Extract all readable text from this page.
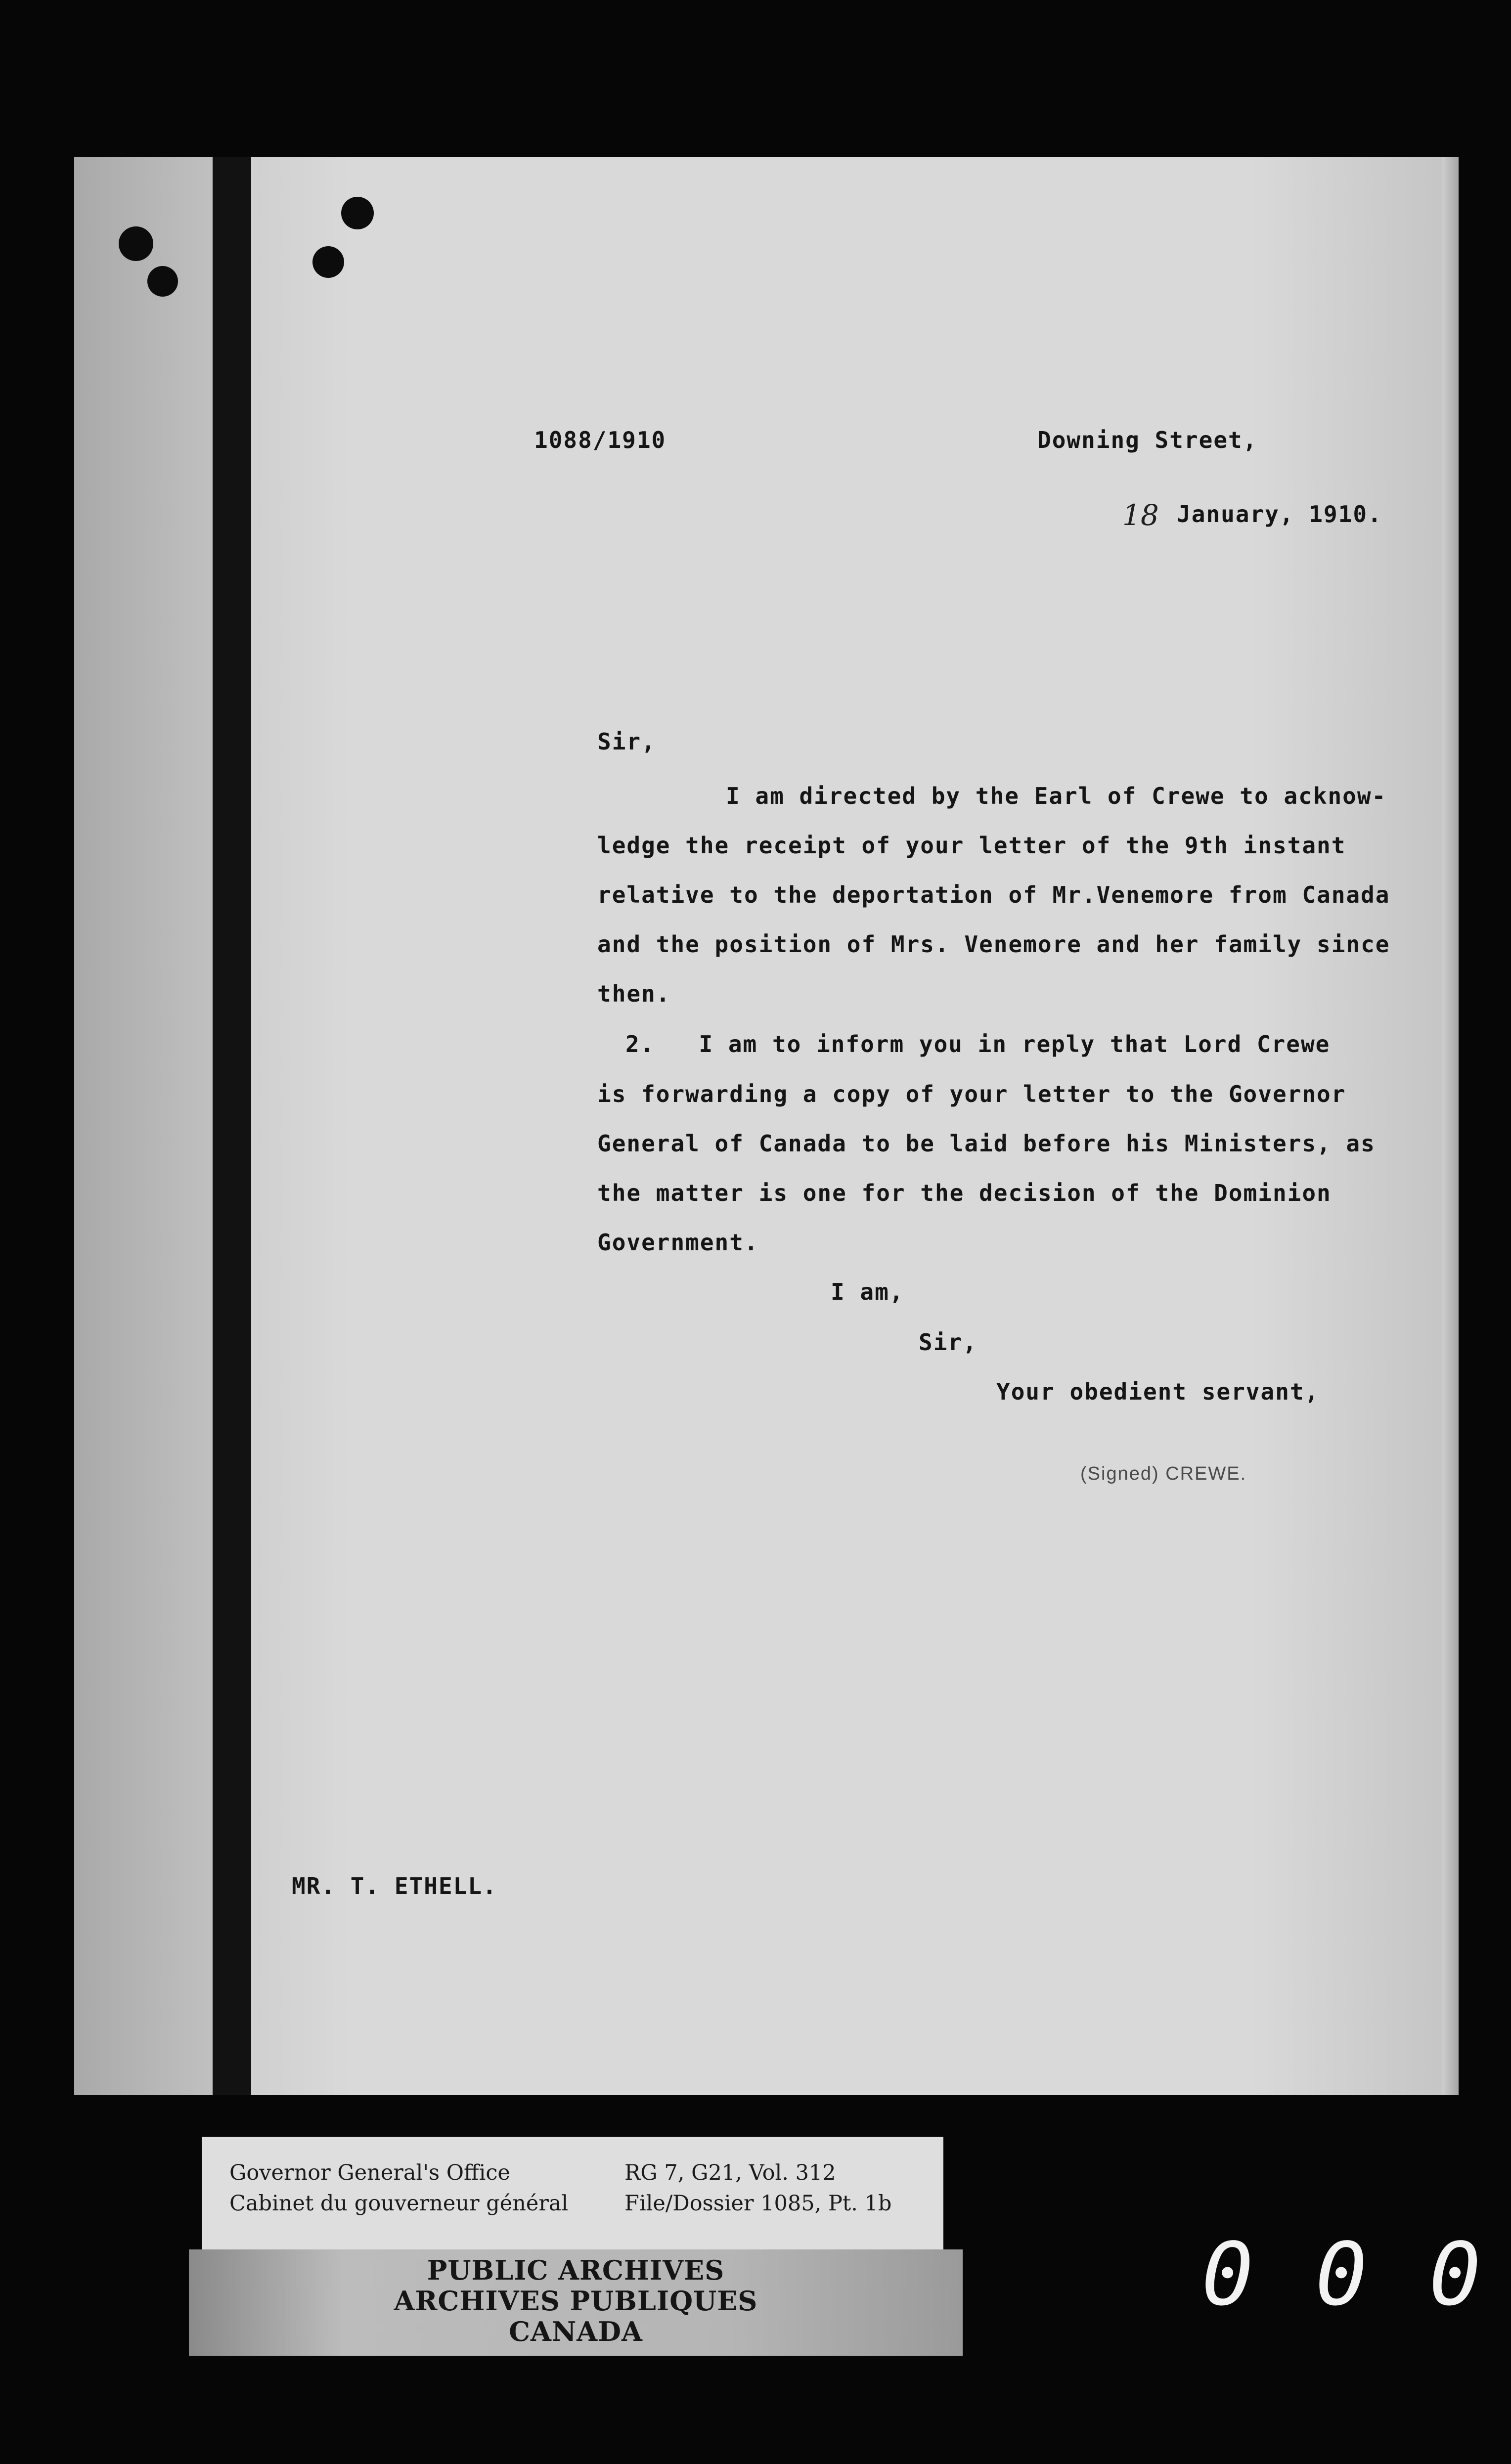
1088/1910	Downing Street,
18 January, 1910.
Sir,
I am directed by the Earl of Crewe to acknow-
ledge the receipt of your letter of the 9th instant
relative to the deportation of Mr.Venemore from Canada
and the position of Mrs. Venemore and her family since
then.
2.   I am to inform you in reply that Lord Crewe
is forwarding a copy of your letter to the Governor
General of Canada to be laid before his Ministers, as
the matter is one for the decision of the Dominion
Government.
I am,
Sir,
Your obedient servant,
(Signed) CREWE.
MR. T. ETHELL.
Governor General's Office
Cabinet du gouverneur général
RG 7, G21, Vol. 312
File/Dossier 1085, Pt. 1b
PUBLIC ARCHIVES
ARCHIVES PUBLIQUES
CANADA
0 0 0
